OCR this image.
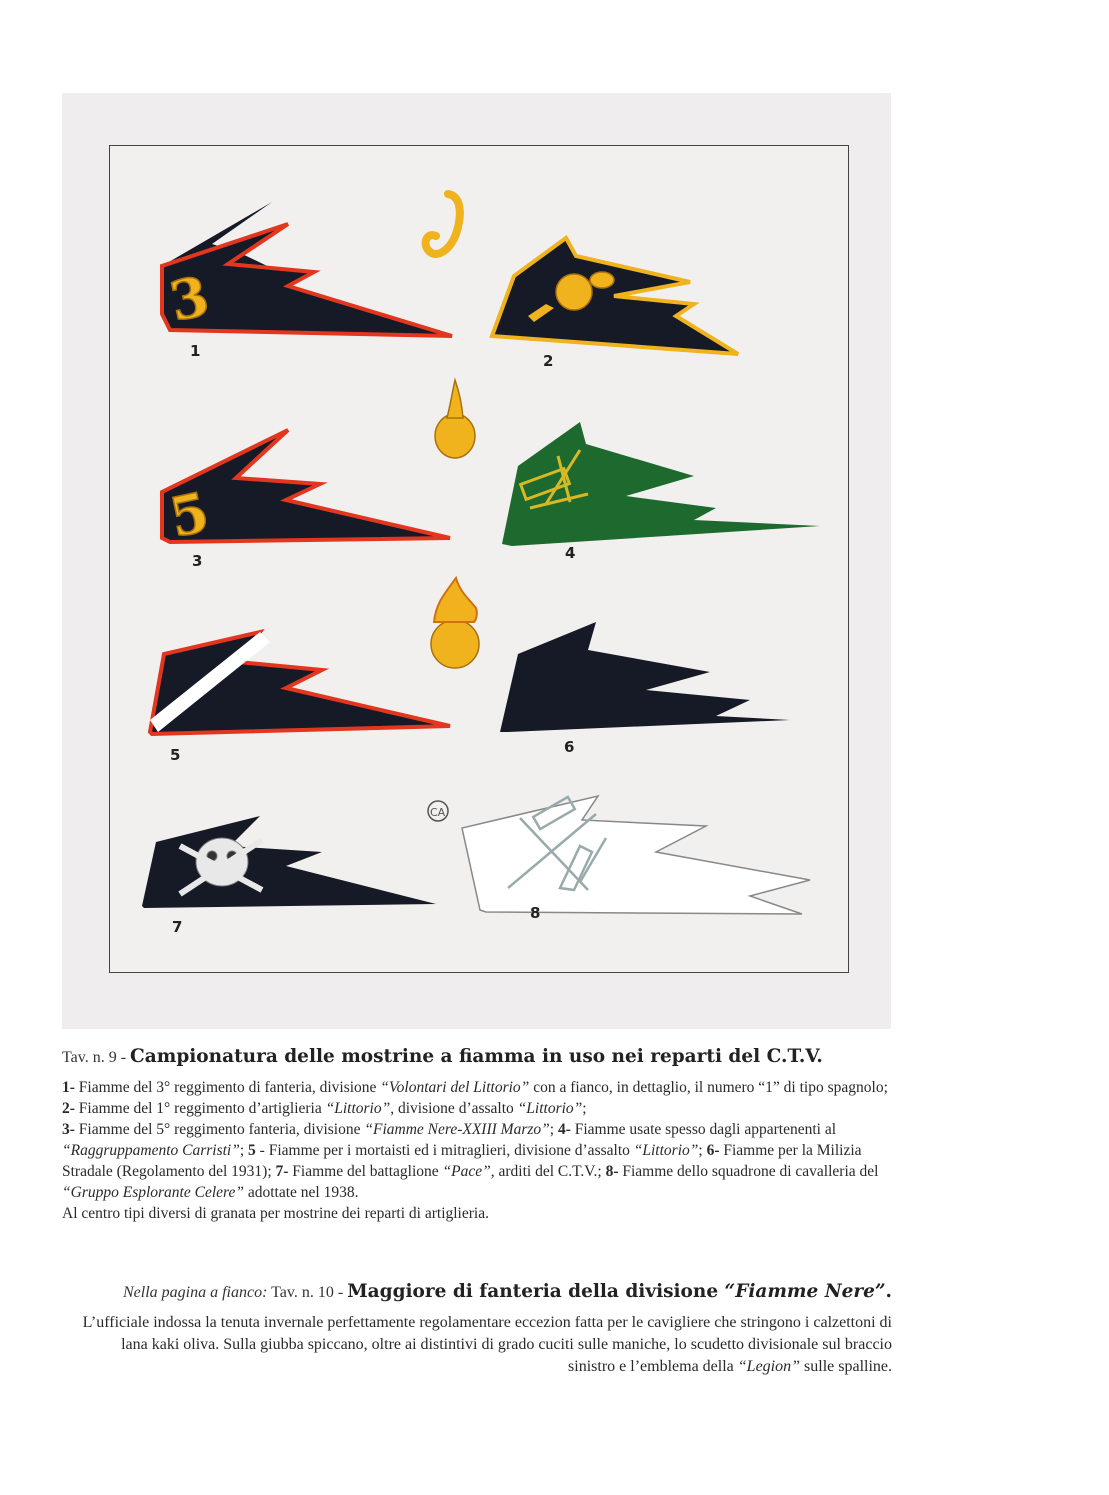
3
5
CA
1
2
3	4
5	6
7
8
Tav. n. 9 - Campionatura delle mostrine a fiamma in uso nei reparti del C.T.V.
1- Fiamme del 3° reggimento di fanteria, divisione “Volontari del Littorio” con a fianco, in dettaglio, il numero “1” di tipo spagnolo; 2- Fiamme del 1° reggimento d’artiglieria “Littorio”, divisione d’assalto “Littorio”;
3- Fiamme del 5° reggimento fanteria, divisione “Fiamme Nere-XXIII Marzo”; 4- Fiamme usate spesso dagli appartenenti al “Raggruppamento Carristi”; 5 - Fiamme per i mortaisti ed i mitraglieri, divisione d’assalto “Littorio”; 6- Fiamme per la Milizia Stradale (Regolamento del 1931); 7- Fiamme del battaglione “Pace”, arditi del C.T.V.; 8- Fiamme dello squadrone di cavalleria del “Gruppo Esplorante Celere” adottate nel 1938.
Al centro tipi diversi di granata per mostrine dei reparti di artiglieria.
Nella pagina a fianco: Tav. n. 10 - Maggiore di fanteria della divisione “Fiamme Nere”.
L’ufficiale indossa la tenuta invernale perfettamente regolamentare eccezion fatta per le cavigliere che stringono i calzettoni di lana kaki oliva. Sulla giubba spiccano, oltre ai distintivi di grado cuciti sulle maniche, lo scudetto divisionale sul braccio sinistro e l’emblema della “Legion” sulle spalline.
